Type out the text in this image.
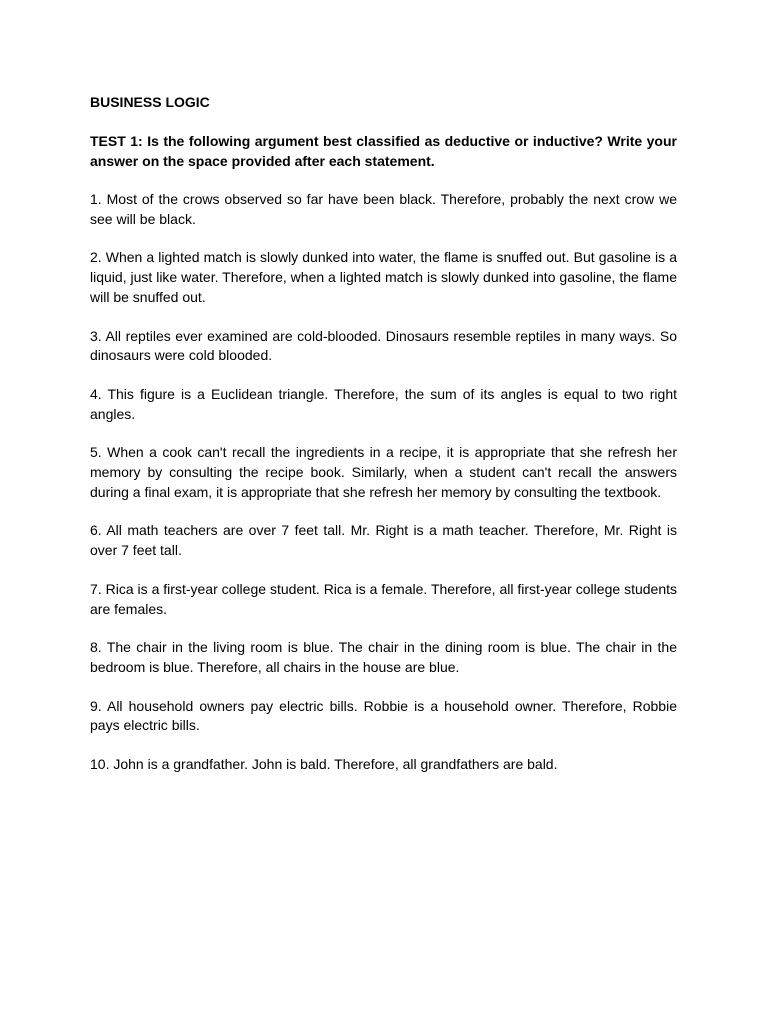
BUSINESS LOGIC
TEST 1: Is the following argument best classified as deductive or inductive? Write your answer on the space provided after each statement.
1. Most of the crows observed so far have been black. Therefore, probably the next crow we see will be black.
2. When a lighted match is slowly dunked into water, the flame is snuffed out. But gasoline is a liquid, just like water. Therefore, when a lighted match is slowly dunked into gasoline, the flame will be snuffed out.
3. All reptiles ever examined are cold-blooded. Dinosaurs resemble reptiles in many ways. So dinosaurs were cold blooded.
4. This figure is a Euclidean triangle. Therefore, the sum of its angles is equal to two right angles.
5. When a cook can't recall the ingredients in a recipe, it is appropriate that she refresh her memory by consulting the recipe book. Similarly, when a student can't recall the answers during a final exam, it is appropriate that she refresh her memory by consulting the textbook.
6. All math teachers are over 7 feet tall. Mr. Right is a math teacher. Therefore, Mr. Right is over 7 feet tall.
7. Rica is a first-year college student. Rica is a female. Therefore, all first-year college students are females.
8. The chair in the living room is blue. The chair in the dining room is blue. The chair in the bedroom is blue. Therefore, all chairs in the house are blue.
9. All household owners pay electric bills. Robbie is a household owner. Therefore, Robbie pays electric bills.
10. John is a grandfather. John is bald. Therefore, all grandfathers are bald.
